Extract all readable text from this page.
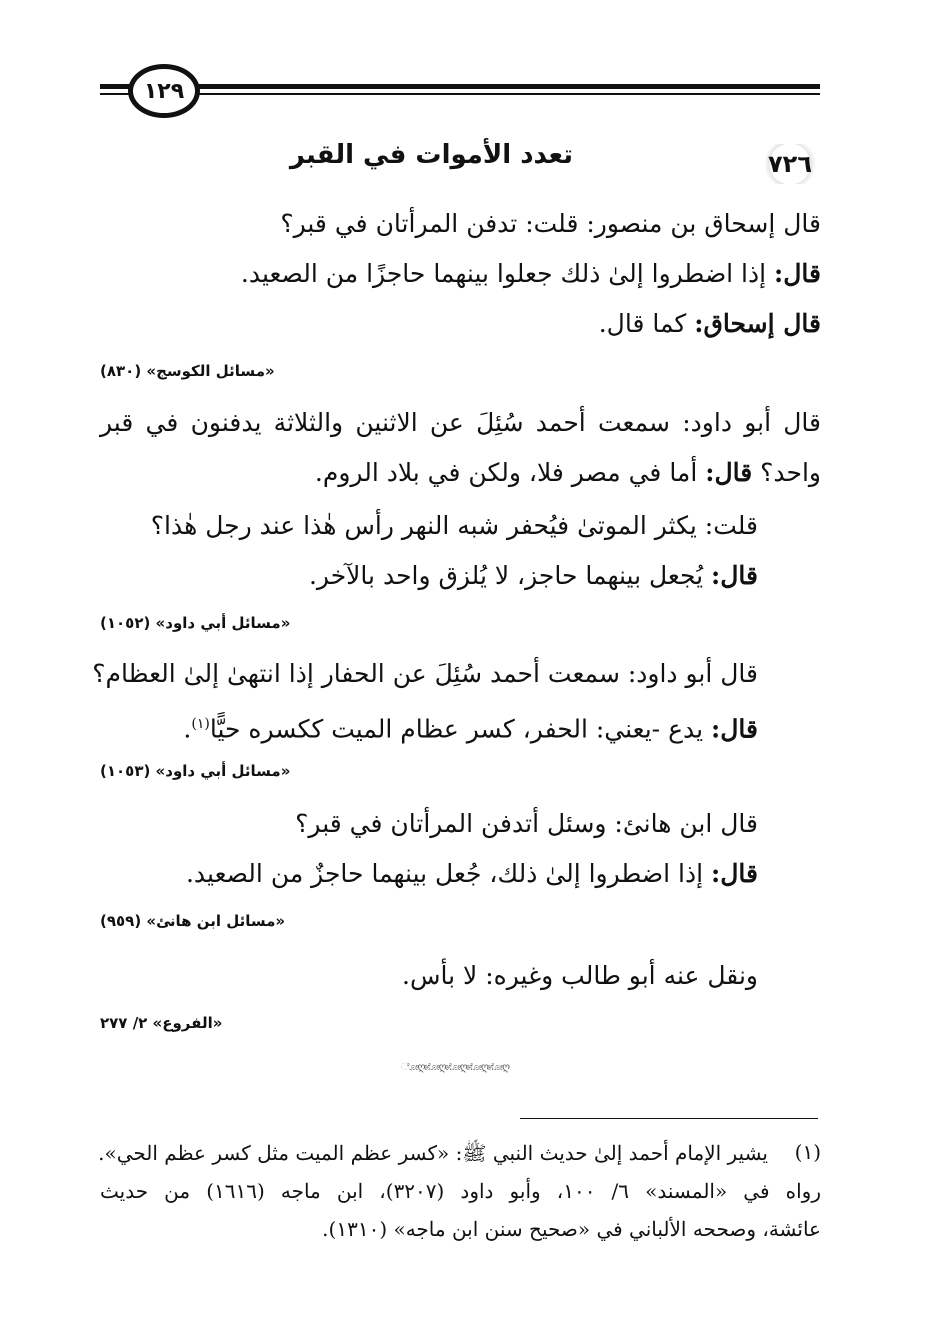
١٢٩
٧٢٦
تعدد الأموات في القبر
قال إسحاق بن منصور: قلت: تدفن المرأتان في قبر؟
قال: إذا اضطروا إلىٰ ذلك جعلوا بينهما حاجزًا من الصعيد.
قال إسحاق: كما قال.
«مسائل الكوسج» (٨٣٠)
قال أبو داود: سمعت أحمد سُئِلَ عن الاثنين والثلاثة يدفنون في قبر
واحد؟ قال: أما في مصر فلا، ولكن في بلاد الروم.
قلت: يكثر الموتىٰ فيُحفر شبه النهر رأس هٰذا عند رجل هٰذا؟
قال: يُجعل بينهما حاجز، لا يُلزق واحد بالآخر.
«مسائل أبي داود» (١٠٥٢)
قال أبو داود: سمعت أحمد سُئِلَ عن الحفار إذا انتهىٰ إلىٰ العظام؟
قال: يدع -يعني: الحفر، كسر عظام الميت ككسره حيًّا$^{(١)}$.
«مسائل أبي داود» (١٠٥٣)
قال ابن هانئ: وسئل أتدفن المرأتان في قبر؟
قال: إذا اضطروا إلىٰ ذلك، جُعل بينهما حاجزٌ من الصعيد.
«مسائل ابن هانئ» (٩٥٩)
ونقل عنه أبو طالب وغيره: لا بأس.
«الفروع» ٢/ ٢٧٧
ೋღ೫ೋღ೫ೋღ೫ೋღ೫ೋღ
(١)
يشير الإمام أحمد إلىٰ حديث النبي ﷺ: «كسر عظم الميت مثل كسر عظم الحي».
رواه في «المسند» ٦/ ١٠٠، وأبو داود (٣٢٠٧)، ابن ماجه (١٦١٦) من حديث
عائشة، وصححه الألباني في «صحيح سنن ابن ماجه» (١٣١٠).
